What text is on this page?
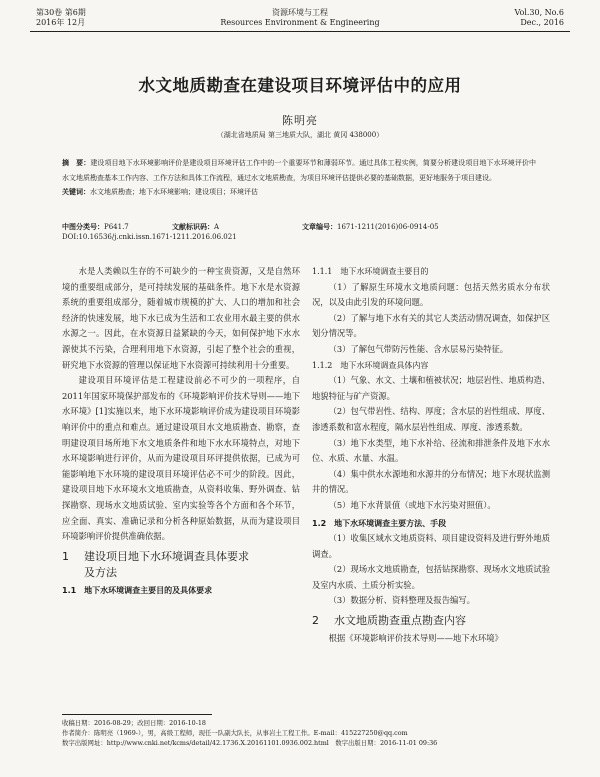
第30卷 第6期
2016年 12月
资源环境与工程
Resources Environment & Engineering
Vol.30, No.6
Dec., 2016
水文地质勘查在建设项目环境评估中的应用
陈明亮
（湖北省地质局 第三地质大队，湖北 黄冈 438000）
摘　要：建设项目地下水环境影响评价是建设项目环境评估工作中的一个重要环节和薄弱环节。通过具体工程实例，简要分析建设项目地下水环境评价中水文地质勘查基本工作内容、工作方法和具体工作流程，通过水文地质勘查，为项目环境评估提供必要的基础数据，更好地服务于项目建设。
关键词：水文地质勘查；地下水环境影响；建设项目；环境评估
中图分类号：P641.7	文献标识码：A	文章编号：1671-1211(2016)06-0914-05
DOI:10.16536/j.cnki.issn.1671-1211.2016.06.021

水是人类赖以生存的不可缺少的一种宝贵资源，又是自然环境的重要组成部分，是可持续发展的基础条件。地下水是水资源系统的重要组成部分，随着城市规模的扩大、人口的增加和社会经济的快速发展，地下水已成为生活和工农业用水最主要的供水水源之一。因此，在水资源日益紧缺的今天，如何保护地下水水源使其不污染，合理利用地下水资源，引起了整个社会的重视，研究地下水资源的管理以保证地下水资源可持续利用十分重要。

建设项目环境评估是工程建设前必不可少的一项程序，自2011年国家环境保护部发布的《环境影响评价技术导则——地下水环境》[1]实施以来，地下水环境影响评价成为建设项目环境影响评价中的重点和难点。通过建设项目水文地质勘查、勘察，查明建设项目场所地下水文地质条件和地下水水环境特点，对地下水环境影响进行评价，从而为建设项目环评提供依据，已成为可能影响地下水环境的建设项目环境评估必不可少的阶段。因此，建设项目地下水环境水文地质勘查，从资料收集、野外调查、钻探勘察、现场水文地质试验、室内实验等各个方面和各个环节，应全面、真实、准确记录和分析各种原始数据，从而为建设项目环境影响评价提供准确依据。

1 建设项目地下水环境调查具体要求
及方法
1.1　地下水环境调查主要目的及具体要求
1.1.1　地下水环境调查主要目的

（1）了解原生环境水文地质问题：包括天然劣质水分布状况，以及由此引发的环境问题。

（2）了解与地下水有关的其它人类活动情况调查，如保护区划分情况等。

（3）了解包气带防污性能、含水层易污染特征。

1.1.2　地下水环境调查具体内容

（1）气象、水文、土壤和植被状况；地层岩性、地质构造、地貌特征与矿产资源。

（2）包气带岩性、结构、厚度；含水层的岩性组成、厚度、渗透系数和富水程度，隔水层岩性组成、厚度、渗透系数。

（3）地下水类型，地下水补给、径流和排泄条件及地下水水位、水质、水量、水温。

（4）集中供水水源地和水源井的分布情况；地下水现状监测井的情况。

（5）地下水背景值（或地下水污染对照值）。

1.2　地下水环境调查主要方法、手段

（1）收集区域水文地质资料、项目建设资料及进行野外地质调查。

（2）现场水文地质勘查，包括钻探勘察、现场水文地质试验及室内水质、土质分析实验。

（3）数据分析、资料整理及报告编写。

2 水文地质勘查重点勘查内容

根据《环境影响评价技术导则——地下水环境》

收稿日期：2016-08-29；改回日期：2016-10-18
作者简介：陈明亮（1969-），男，高级工程师，现任一队副大队长，从事岩土工程工作。E-mail：415227250@qq.com
数字出版网址：http://www.cnki.net/kcms/detail/42.1736.X.20161101.0936.002.html　数字出版日期：2016-11-01 09:36
